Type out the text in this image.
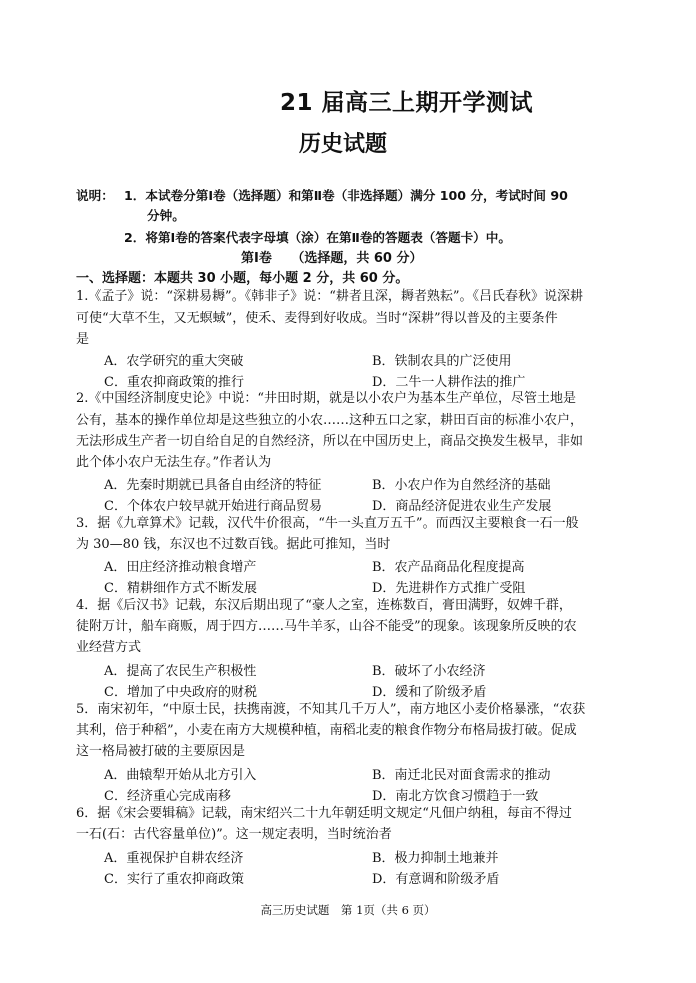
21 届高三上期开学测试
历史试题
说明： 1．本试卷分第Ⅰ卷（选择题）和第Ⅱ卷（非选择题）满分 100 分，考试时间 90
分钟。
2．将第Ⅰ卷的答案代表字母填（涂）在第Ⅱ卷的答题表（答题卡）中。
第Ⅰ卷　　（选择题，共 60 分）
一、选择题：本题共 30 小题，每小题 2 分，共 60 分。
1.《孟子》说：“深耕易耨”。《韩非子》说：“耕者且深，耨者熟耘”。《吕氏春秋》说深耕
可使“大草不生，又无螟蜮”，使禾、麦得到好收成。当时“深耕”得以普及的主要条件
是
A．农学研究的重大突破	B．铁制农具的广泛使用
C．重农抑商政策的推行	D．二牛一人耕作法的推广
2.《中国经济制度史论》中说：“井田时期，就是以小农户为基本生产单位，尽管土地是
公有，基本的操作单位却是这些独立的小农……这种五口之家，耕田百亩的标准小农户，
无法形成生产者一切自给自足的自然经济，所以在中国历史上，商品交换发生极早，非如
此个体小农户无法生存。”作者认为
A．先秦时期就已具备自由经济的特征	B．小农户作为自然经济的基础
C．个体农户较早就开始进行商品贸易	D．商品经济促进农业生产发展
3．据《九章算术》记载，汉代牛价很高，“牛一头直万五千”。而西汉主要粮食一石一般
为 30—80 钱，东汉也不过数百钱。据此可推知，当时
A．田庄经济推动粮食增产	B．农产品商品化程度提高
C．精耕细作方式不断发展	D．先进耕作方式推广受阻
4．据《后汉书》记载，东汉后期出现了“豪人之室，连栋数百，膏田满野，奴婢千群，
徒附万计，船车商贩，周于四方……马牛羊豕，山谷不能受”的现象。该现象所反映的农
业经营方式
A．提高了农民生产积极性	B．破坏了小农经济
C．增加了中央政府的财税	D．缓和了阶级矛盾
5．南宋初年，“中原士民，扶携南渡，不知其几千万人”，南方地区小麦价格暴涨，“农获
其利，倍于种稻”，小麦在南方大规模种植，南稻北麦的粮食作物分布格局拔打破。促成
这一格局被打破的主要原因是
A．曲辕犁开始从北方引入	B．南迁北民对面食需求的推动
C．经济重心完成南移	D．南北方饮食习惯趋于一致
6．据《宋会要辑稿》记载，南宋绍兴二十九年朝廷明文规定“凡佃户纳租，每亩不得过
一石(石：古代容量单位)”。这一规定表明，当时统治者
A．重视保护自耕农经济	B．极力抑制土地兼并
C．实行了重农抑商政策	D．有意调和阶级矛盾
高三历史试题　第 1页（共 6 页）
